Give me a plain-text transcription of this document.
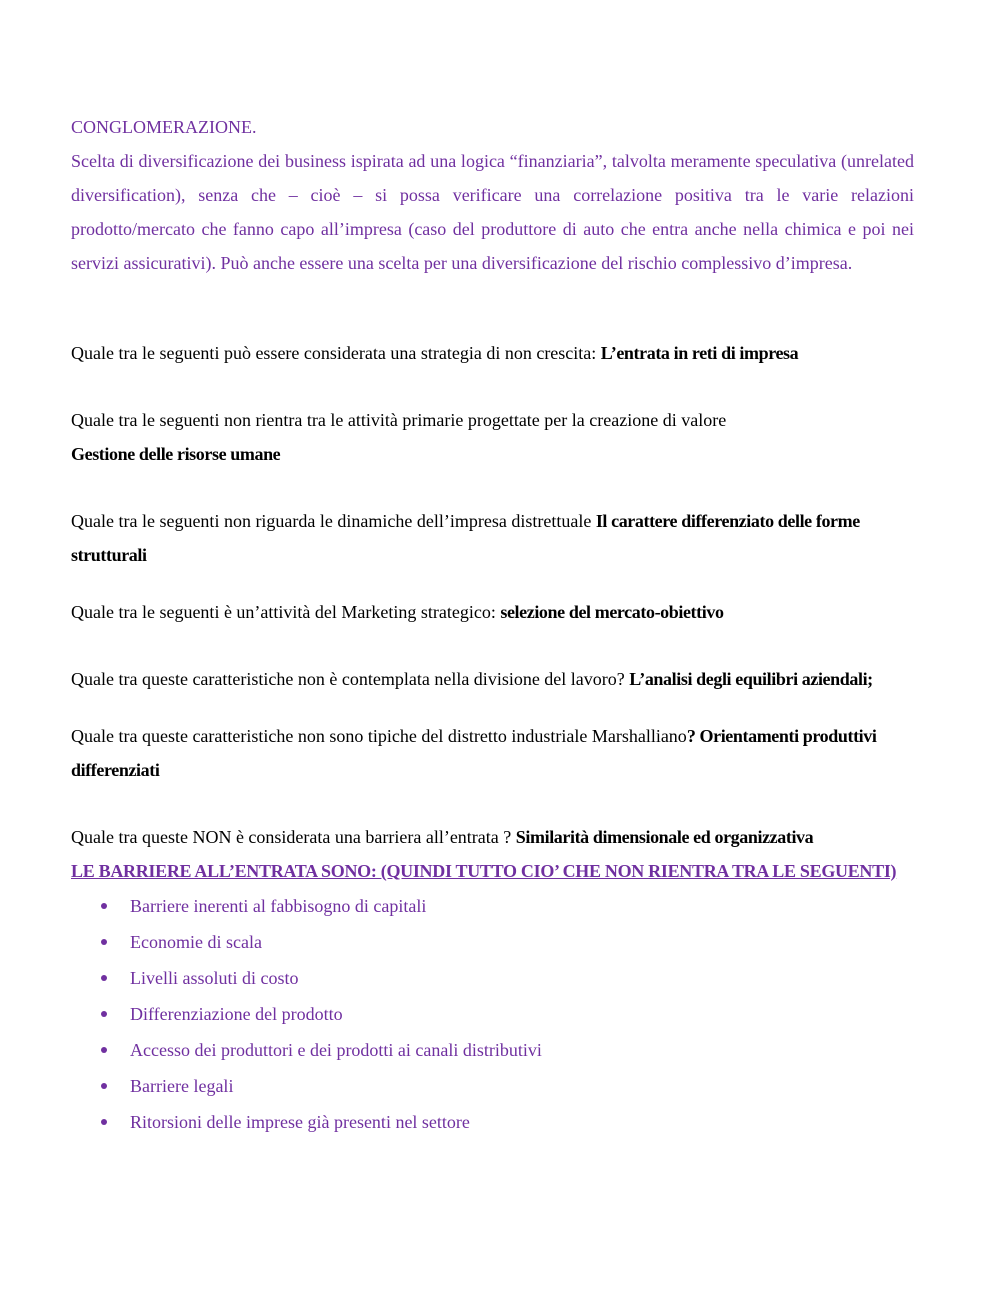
CONGLOMERAZIONE.

Scelta di diversificazione dei business ispirata ad una logica “finanziaria”, talvolta meramente speculativa (unrelated diversification), senza che – cioè – si possa verificare una correlazione positiva tra le varie relazioni prodotto/mercato che fanno capo all’impresa (caso del produttore di auto che entra anche nella chimica e poi nei servizi assicurativi). Può anche essere una scelta per una diversificazione del rischio complessivo d’impresa.

Quale tra le seguenti può essere considerata una strategia di non crescita: L’entrata in reti di impresa

Quale tra le seguenti non rientra tra le attività primarie progettate per la creazione di valore
Gestione delle risorse umane

Quale tra le seguenti non riguarda le dinamiche dell’impresa distrettuale Il carattere differenziato delle forme strutturali

Quale tra le seguenti è un’attività del Marketing strategico: selezione del mercato-obiettivo

Quale tra queste caratteristiche non è contemplata nella divisione del lavoro? L’analisi degli equilibri aziendali;

Quale tra queste caratteristiche non sono tipiche del distretto industriale Marshalliano? Orientamenti produttivi differenziati

Quale tra queste NON è considerata una barriera all’entrata ? Similarità dimensionale ed organizzativa

LE BARRIERE ALL’ENTRATA SONO: (QUINDI TUTTO CIO’ CHE NON RIENTRA TRA LE SEGUENTI)

Barriere inerenti al fabbisogno di capitali
Economie di scala
Livelli assoluti di costo
Differenziazione del prodotto
Accesso dei produttori e dei prodotti ai canali distributivi
Barriere legali
Ritorsioni delle imprese già presenti nel settore
